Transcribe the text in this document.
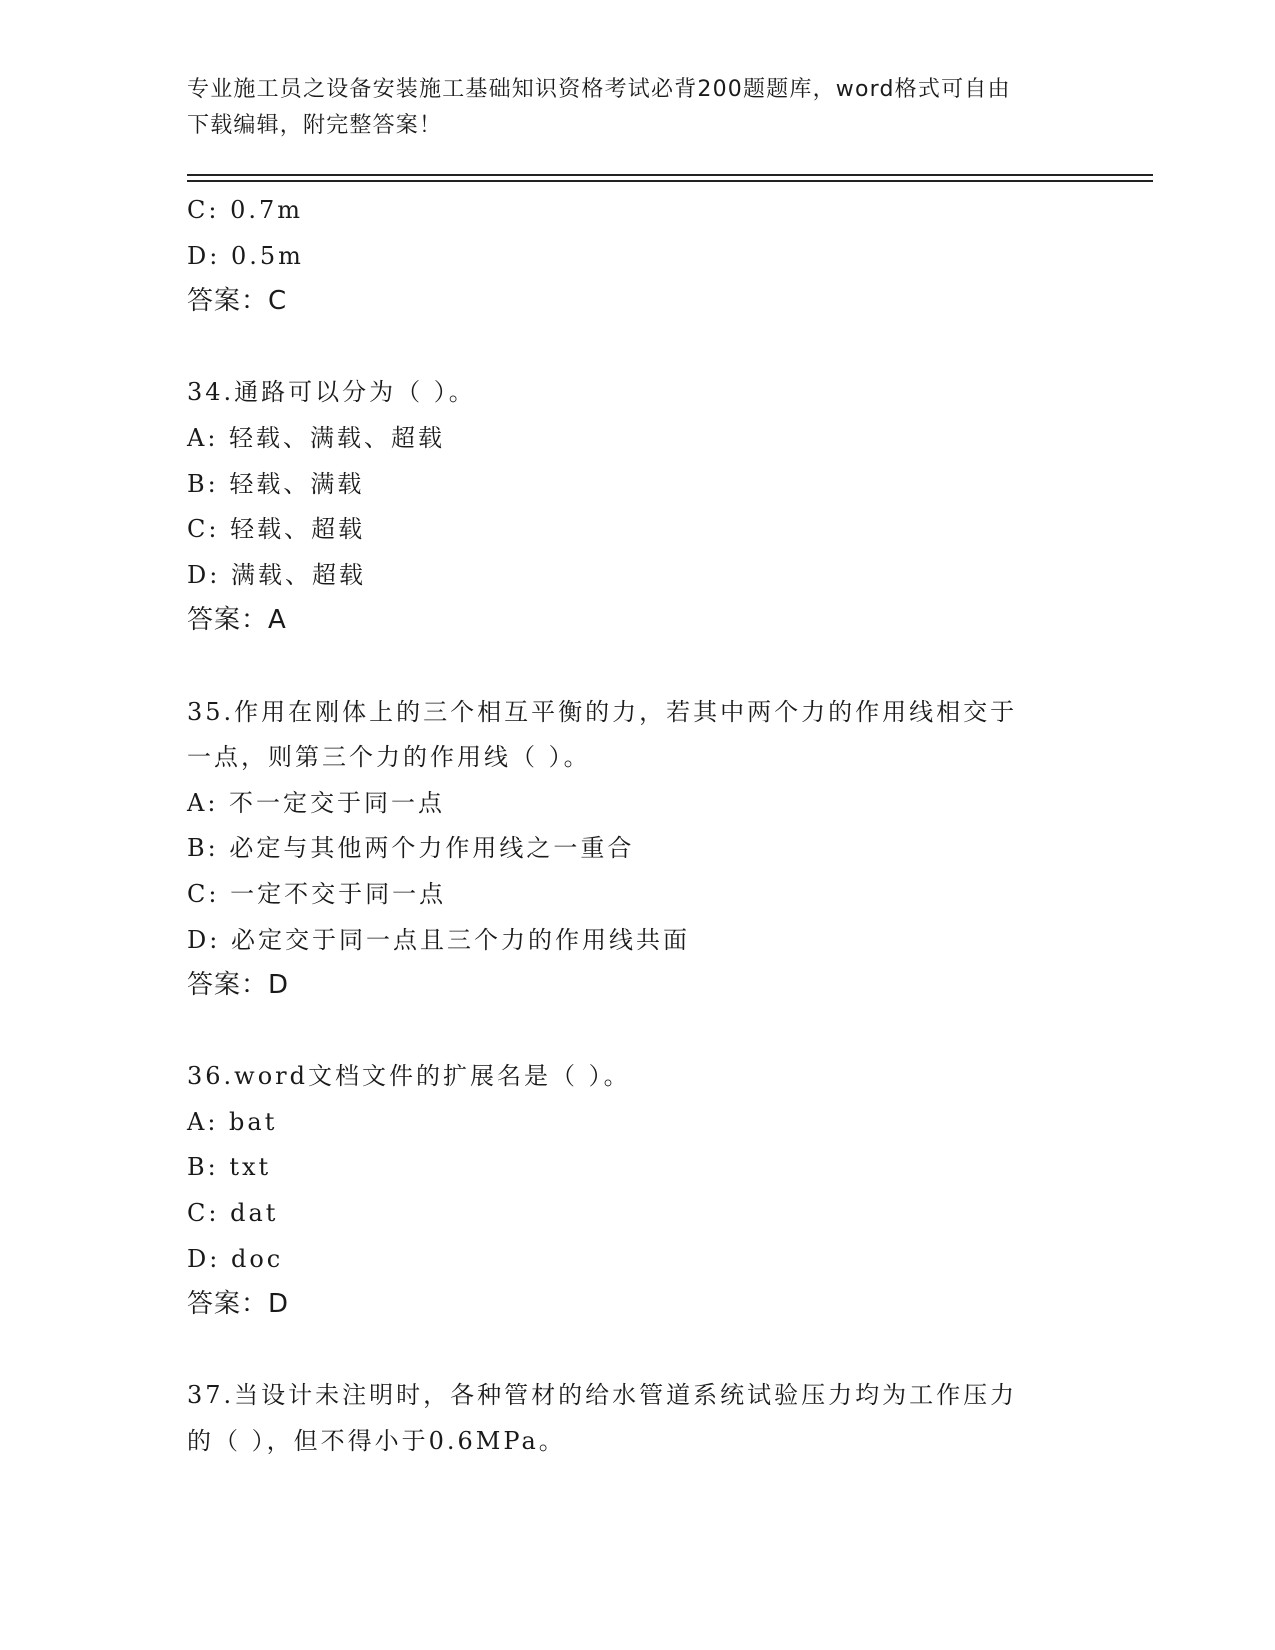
专业施工员之设备安装施工基础知识资格考试必背200题题库，word格式可自由
下载编辑，附完整答案！
C: 0.7m
D: 0.5m
答案：C
34.通路可以分为（ ）。
A: 轻载、满载、超载
B: 轻载、满载
C: 轻载、超载
D: 满载、超载
答案：A
35.作用在刚体上的三个相互平衡的力，若其中两个力的作用线相交于
一点，则第三个力的作用线（ ）。
A: 不一定交于同一点
B: 必定与其他两个力作用线之一重合
C: 一定不交于同一点
D: 必定交于同一点且三个力的作用线共面
答案：D
36.word文档文件的扩展名是（ ）。
A: bat
B: txt
C: dat
D: doc
答案：D
37.当设计未注明时，各种管材的给水管道系统试验压力均为工作压力
的（ ），但不得小于0.6MPa。
